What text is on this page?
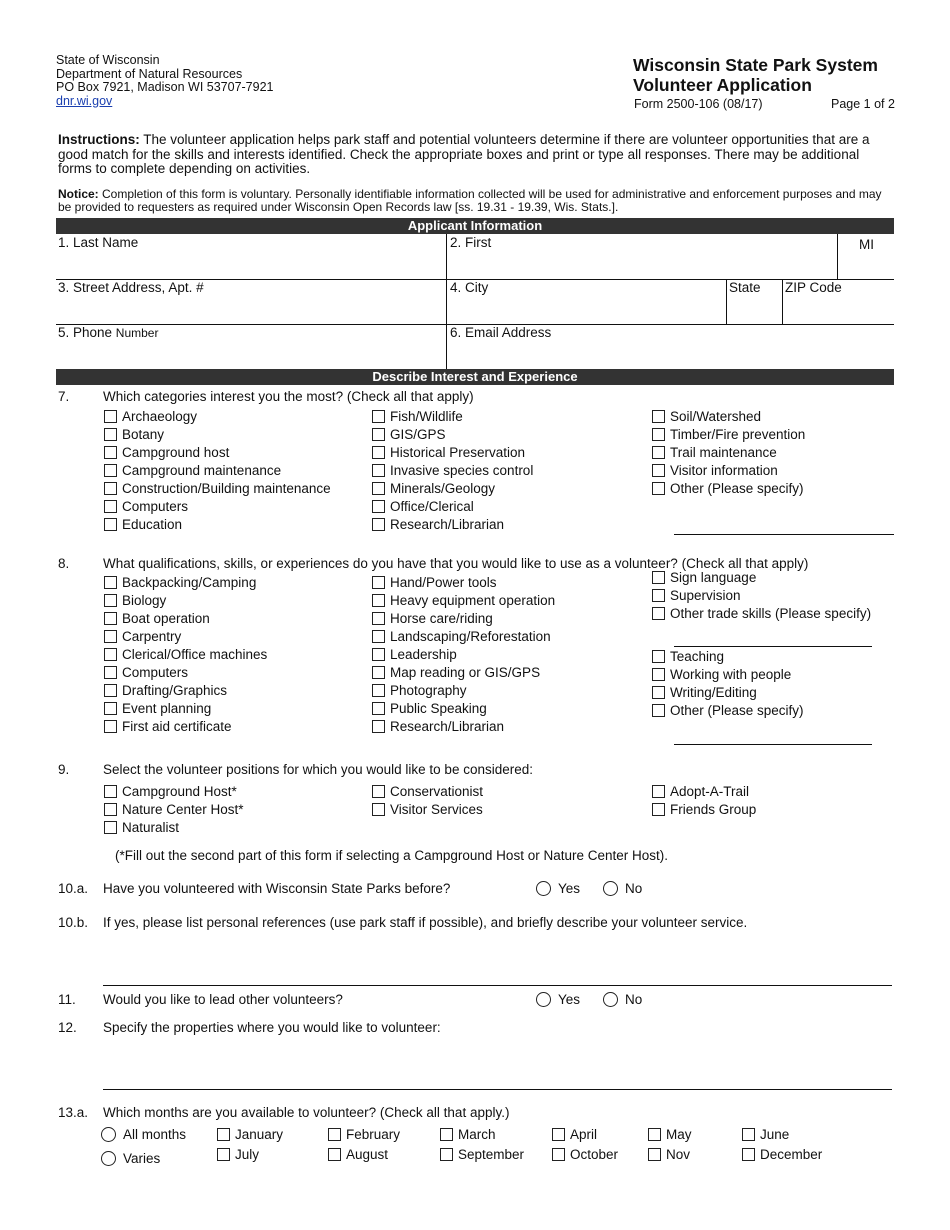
State of Wisconsin
Department of Natural Resources
PO Box 7921, Madison WI 53707-7921
dnr.wi.gov
Wisconsin State Park System
Volunteer Application
Form 2500-106 (08/17)	Page 1 of 2
Instructions: The volunteer application helps park staff and potential volunteers determine if there are volunteer opportunities that are a good match for the skills and interests identified. Check the appropriate boxes and print or type all responses. There may be additional forms to complete depending on activities.
Notice: Completion of this form is voluntary. Personally identifiable information collected will be used for administrative and enforcement purposes and may be provided to requesters as required under Wisconsin Open Records law [ss. 19.31 - 19.39, Wis. Stats.].
Applicant Information
1. Last Name	2. First	MI
3. Street Address, Apt. #	4. City	State ZIP Code
5. Phone Number	6. Email Address
Describe Interest and Experience
7. Which categories interest you the most? (Check all that apply)
Archaeology
Botany
Campground host
Campground maintenance
Construction/Building maintenance
Computers
Education
Fish/Wildlife
GIS/GPS
Historical Preservation
Invasive species control
Minerals/Geology
Office/Clerical
Research/Librarian
Soil/Watershed
Timber/Fire prevention
Trail maintenance
Visitor information
Other (Please specify)
8. What qualifications, skills, or experiences do you have that you would like to use as a volunteer? (Check all that apply)
Backpacking/Camping
Biology
Boat operation
Carpentry
Clerical/Office machines
Computers
Drafting/Graphics
Event planning
First aid certificate
Hand/Power tools
Heavy equipment operation
Horse care/riding
Landscaping/Reforestation
Leadership
Map reading or GIS/GPS
Photography
Public Speaking
Research/Librarian
Sign language
Supervision
Other trade skills (Please specify)
Teaching
Working with people
Writing/Editing
Other (Please specify)
9. Select the volunteer positions for which you would like to be considered:
Campground Host*
Nature Center Host*
Naturalist
Conservationist
Visitor Services
Adopt-A-Trail
Friends Group
(*Fill out the second part of this form if selecting a Campground Host or Nature Center Host).
10.a. Have you volunteered with Wisconsin State Parks before?	Yes	No
10.b. If yes, please list personal references (use park staff if possible), and briefly describe your volunteer service.
11. Would you like to lead other volunteers?	Yes	No
12. Specify the properties where you would like to volunteer:
13.a. Which months are you available to volunteer? (Check all that apply.)
All months
Varies
January	February	March	April	May	June
July	August	September	October	Nov	December
